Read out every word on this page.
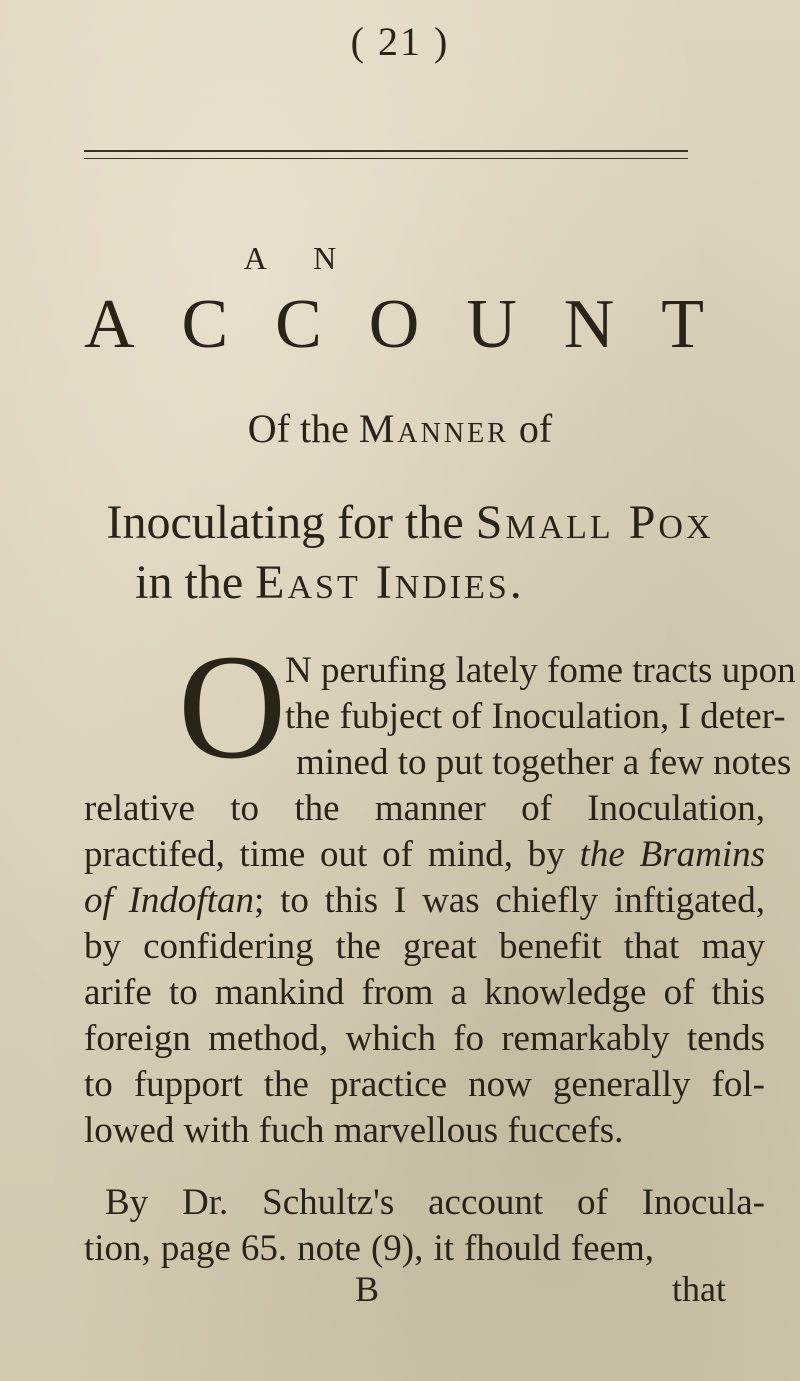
( 21 )
A N
A C C O U N T
Of the Manner of
Inoculating for the Small Pox
in the East Indies.
O
N perufing lately fome tracts upon
the fubject of Inoculation, I deter-
mined to put together a few notes
relative to the manner of Inoculation,
practifed, time out of mind, by the Bramins
of Indoftan; to this I was chiefly inftigated,
by confidering the great benefit that may
arife to mankind from a knowledge of this
foreign method, which fo remarkably tends
to fupport the practice now generally fol-
lowed with fuch marvellous fuccefs.
By Dr. Schultz's account of Inocula-
tion, page 65. note (9), it fhould feem,
B	that
